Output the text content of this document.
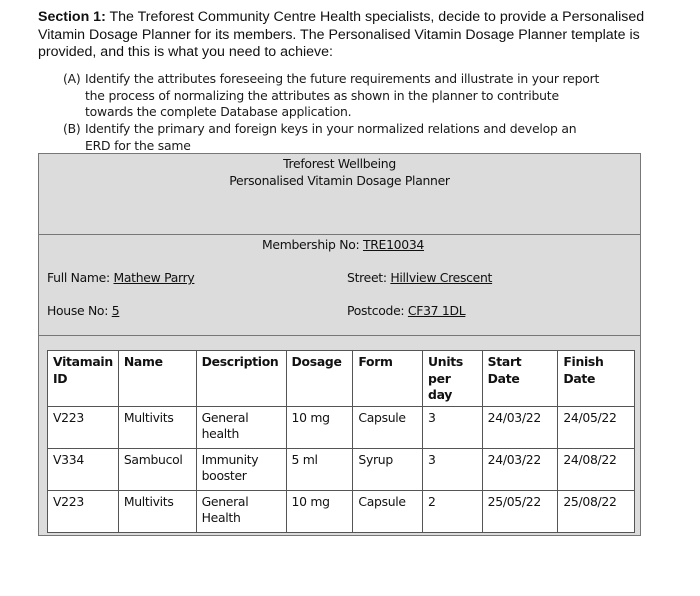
Section 1: The Treforest Community Centre Health specialists, decide to provide a Personalised Vitamin Dosage Planner for its members. The Personalised Vitamin Dosage Planner template is provided, and this is what you need to achieve:
(A) Identify the attributes foreseeing the future requirements and illustrate in your report the process of normalizing the attributes as shown in the planner to contribute towards the complete Database application.
(B) Identify the primary and foreign keys in your normalized relations and develop an ERD for the same
Treforest Wellbeing
Personalised Vitamin Dosage Planner
Membership No: TRE10034
Full Name: Mathew Parry	Street: Hillview Crescent
House No: 5	Postcode: CF37 1DL
Vitamain ID	Name	Description	Dosage	Form	Units per day	Start Date	Finish Date
V223	Multivits	General health	10 mg	Capsule	3	24/03/22	24/05/22
V334	Sambucol	Immunity booster	5 ml	Syrup	3	24/03/22	24/08/22
V223	Multivits	General Health	10 mg	Capsule	2	25/05/22	25/08/22
